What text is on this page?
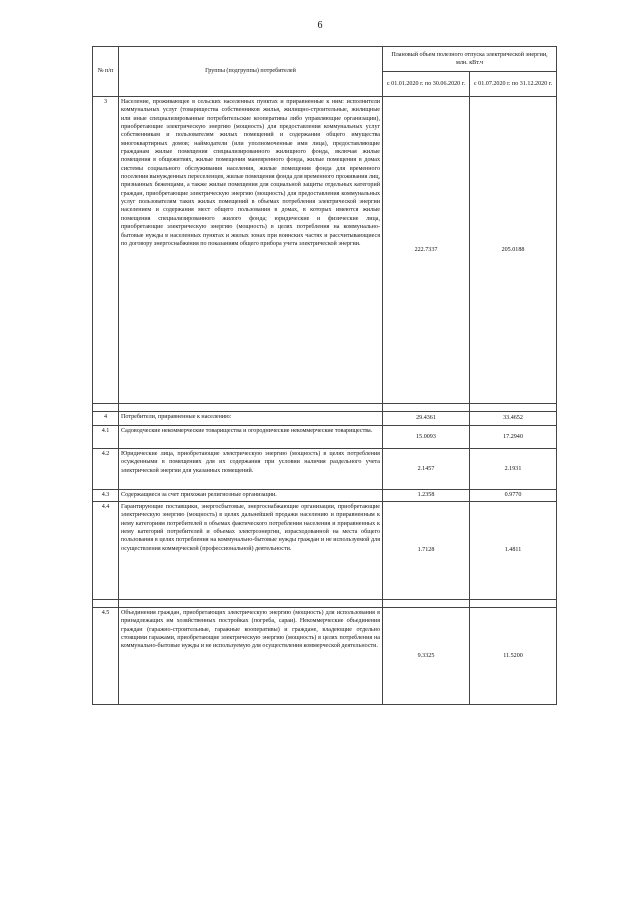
6
№ п/п	Группы (подгруппы) потребителей	Плановый объем полезного отпуска электрической энергии, млн. кВт.ч	
		с 01.01.2020 г. по 30.06.2020 г.	с 01.07.2020 г. по 31.12.2020 г.
3	Население, проживающее в сельских населенных пунктах и приравненные к ним: исполнители коммунальных услуг (товарищества собственников жилья, жилищно-строительные, жилищные или иные специализированные потребительские кооперативы либо управляющие организации), приобретающие электрическую энергию (мощность) для предоставления коммунальных услуг собственникам и пользователям жилых помещений и содержания общего имущества многоквартирных домов; наймодатели (или уполномоченные ими лица), предоставляющие гражданам жилые помещения специализированного жилищного фонда, включая жилые помещения в общежитиях, жилые помещения маневренного фонда, жилые помещения в домах системы социального обслуживания населения, жилые помещения фонда для временного поселения вынужденных переселенцев, жилые помещения фонда для временного проживания лиц, признанных беженцами, а также жилые помещения для социальной защиты отдельных категорий граждан, приобретающие электрическую энергию (мощность) для предоставления коммунальных услуг пользователям таких жилых помещений в объемах потребления электрической энергии населением и содержания мест общего пользования в домах, в которых имеются жилые помещения специализированного жилого фонда; юридические и физические лица, приобретающие электрическую энергию (мощность) в целях потребления на коммунально-бытовые нужды в населенных пунктах и жилых зонах при воинских частях и рассчитывающиеся по договору энергоснабжения по показаниям общего прибора учета электрической энергии.	222.7337	205.0188

4	Потребители, приравненные к населению:	29.4361	33.4652
4.1	Садоводческие некоммерческие товарищества и огороднические некоммерческие товарищества.	15.0093	17.2940
4.2	Юридические лица, приобретающие электрическую энергию (мощность) в целях потребления осужденными в помещениях для их содержания при условии наличия раздельного учета электрической энергии для указанных помещений.	2.1457	2.1931
4.3	Содержащиеся за счет прихожан религиозные организации.	1.2358	0.9770
4.4	Гарантирующие поставщики, энергосбытовые, энергоснабжающие организации, приобретающие электрическую энергию (мощность) в целях дальнейшей продажи населению и приравненным к нему категориям потребителей в объемах фактического потребления населения и приравненных к нему категорий потребителей и объемах электроэнергии, израсходованной на места общего пользования в целях потребления на коммунально-бытовые нужды граждан и не используемой для осуществления коммерческой (профессиональной) деятельности.	1.7128	1.4811

4.5	Объединения граждан, приобретающих электрическую энергию (мощность) для использования в принадлежащих им хозяйственных постройках (погреба, сараи). Некоммерческие объединения граждан (гаражно-строительные, гаражные кооперативы) и граждане, владеющие отдельно стоящими гаражами, приобретающие электрическую энергию (мощность) в целях потребления на коммунально-бытовые нужды и не используемую для осуществления коммерческой деятельности.	9.3325	11.5200
